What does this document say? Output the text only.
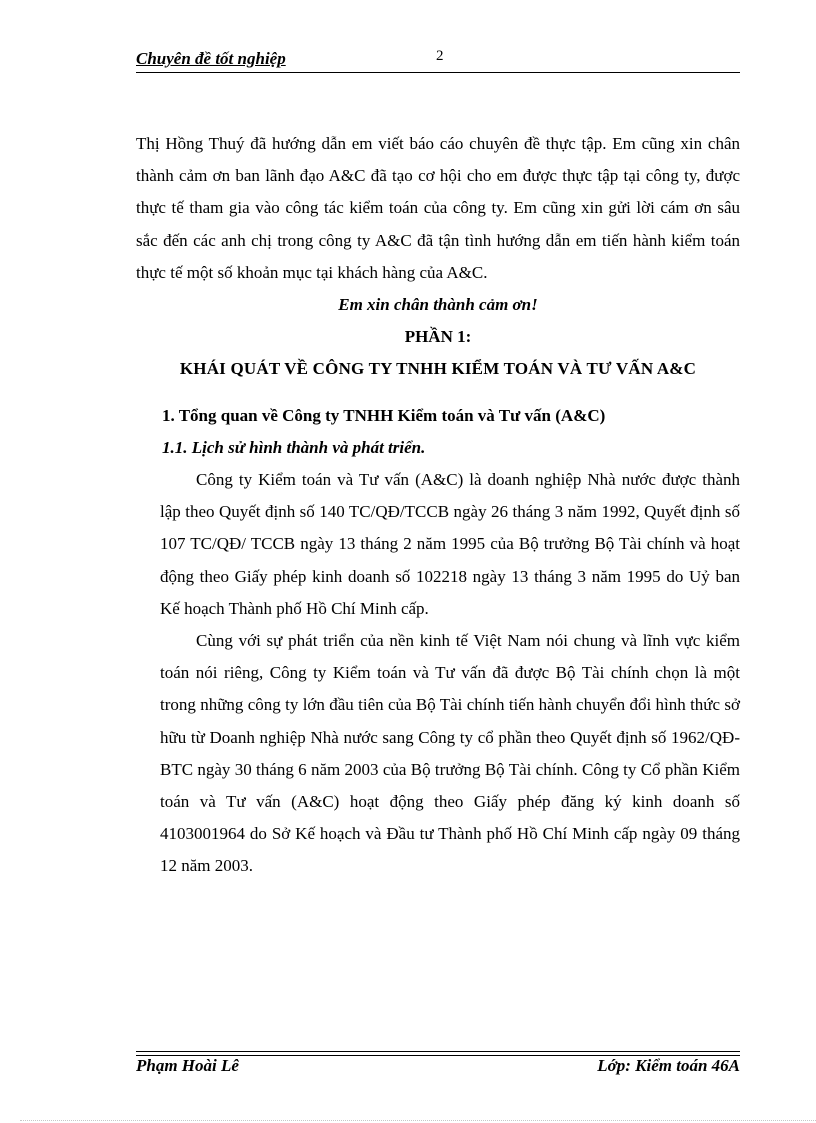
Chuyên đề tốt nghiệp	2

Thị Hồng Thuý đã hướng dẫn em viết báo cáo chuyên đề thực tập. Em cũng xin chân thành cảm ơn ban lãnh đạo A&C đã tạo cơ hội cho em được thực tập tại công ty, được thực tế tham gia vào công tác kiểm toán của công ty. Em cũng xin gửi lời cám ơn sâu sắc đến các anh chị trong công ty A&C đã tận tình hướng dẫn em tiến hành kiểm toán thực tế một số khoản mục tại khách hàng của A&C.

Em xin chân thành cảm ơn!

PHẦN 1:

KHÁI QUÁT VỀ CÔNG TY TNHH KIỂM TOÁN VÀ TƯ VẤN A&C

1. Tổng quan về Công ty TNHH Kiểm toán và Tư vấn (A&C)

1.1. Lịch sử hình thành và phát triển.

Công ty Kiểm toán và Tư vấn (A&C) là doanh nghiệp Nhà nước được thành lập theo Quyết định số 140 TC/QĐ/TCCB ngày 26 tháng 3 năm 1992, Quyết định số 107 TC/QĐ/ TCCB ngày 13 tháng 2 năm 1995 của Bộ trưởng Bộ Tài chính và hoạt động theo Giấy phép kinh doanh số 102218 ngày 13 tháng 3 năm 1995 do Uỷ ban Kế hoạch Thành phố Hồ Chí Minh cấp.

Cùng với sự phát triển của nền kinh tế Việt Nam nói chung và lĩnh vực kiểm toán nói riêng, Công ty Kiểm toán và Tư vấn đã được Bộ Tài chính chọn là một trong những công ty lớn đầu tiên của Bộ Tài chính tiến hành chuyển đổi hình thức sở hữu từ Doanh nghiệp Nhà nước sang Công ty cổ phần theo Quyết định số 1962/QĐ-BTC ngày 30 tháng 6 năm 2003 của Bộ trưởng Bộ Tài chính. Công ty Cổ phần Kiểm toán và Tư vấn (A&C) hoạt động theo Giấy phép đăng ký kinh doanh số 4103001964 do Sở Kế hoạch và Đầu tư Thành phố Hồ Chí Minh cấp ngày 09 tháng 12 năm 2003.

Phạm Hoài Lê	Lớp: Kiểm toán 46A
